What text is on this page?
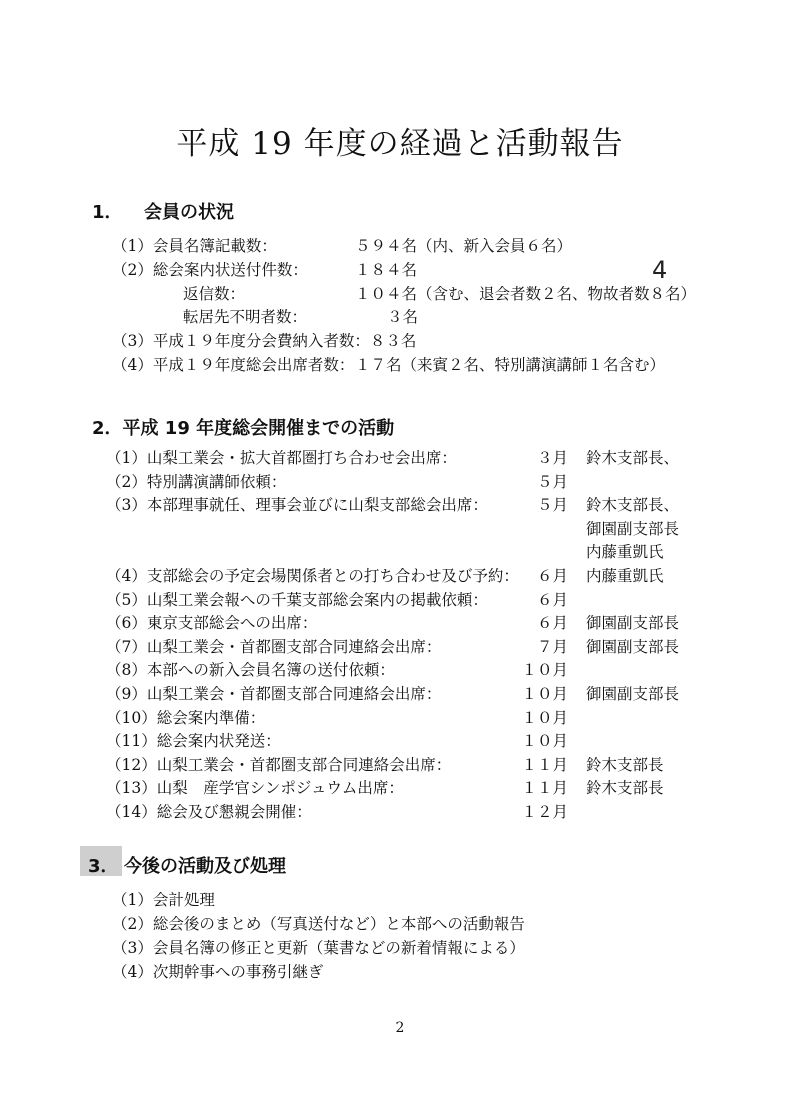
平成 19 年度の経過と活動報告
1． 会員の状況
（1）会員名簿記載数：	５９４名（内、新入会員６名）
（2）総会案内状送付件数：	１８４名
返信数：	１０４名（含む、退会者数２名、物故者数８名）
4
転居先不明者数：	３名
（3）平成１９年度分会費納入者数：８３名
（4）平成１９年度総会出席者数： １７名（来賓２名、特別講演講師１名含む）
2．平成 19 年度総会開催までの活動
（1）山梨工業会・拡大首都圏打ち合わせ会出席：	３月 鈴木支部長、
（2）特別講演講師依頼：	５月
（3）本部理事就任、理事会並びに山梨支部総会出席：	５月 鈴木支部長、
御園副支部長
内藤重凱氏
（4）支部総会の予定会場関係者との打ち合わせ及び予約：	６月 内藤重凱氏
（5）山梨工業会報への千葉支部総会案内の掲載依頼：	６月
（6）東京支部総会への出席：	６月 御園副支部長
（7）山梨工業会・首都圏支部合同連絡会出席：	７月 御園副支部長
（8）本部への新入会員名簿の送付依頼：	１０月
（9）山梨工業会・首都圏支部合同連絡会出席：	１０月 御園副支部長
（10）総会案内準備：	１０月
（11）総会案内状発送：	１０月
（12）山梨工業会・首都圏支部合同連絡会出席：	１１月 鈴木支部長
（13）山梨　産学官シンポジュウム出席：	１１月 鈴木支部長
（14）総会及び懇親会開催：	１２月
3． 今後の活動及び処理
（1）会計処理
（2）総会後のまとめ（写真送付など）と本部への活動報告
（3）会員名簿の修正と更新（葉書などの新着情報による）
（4）次期幹事への事務引継ぎ
2
